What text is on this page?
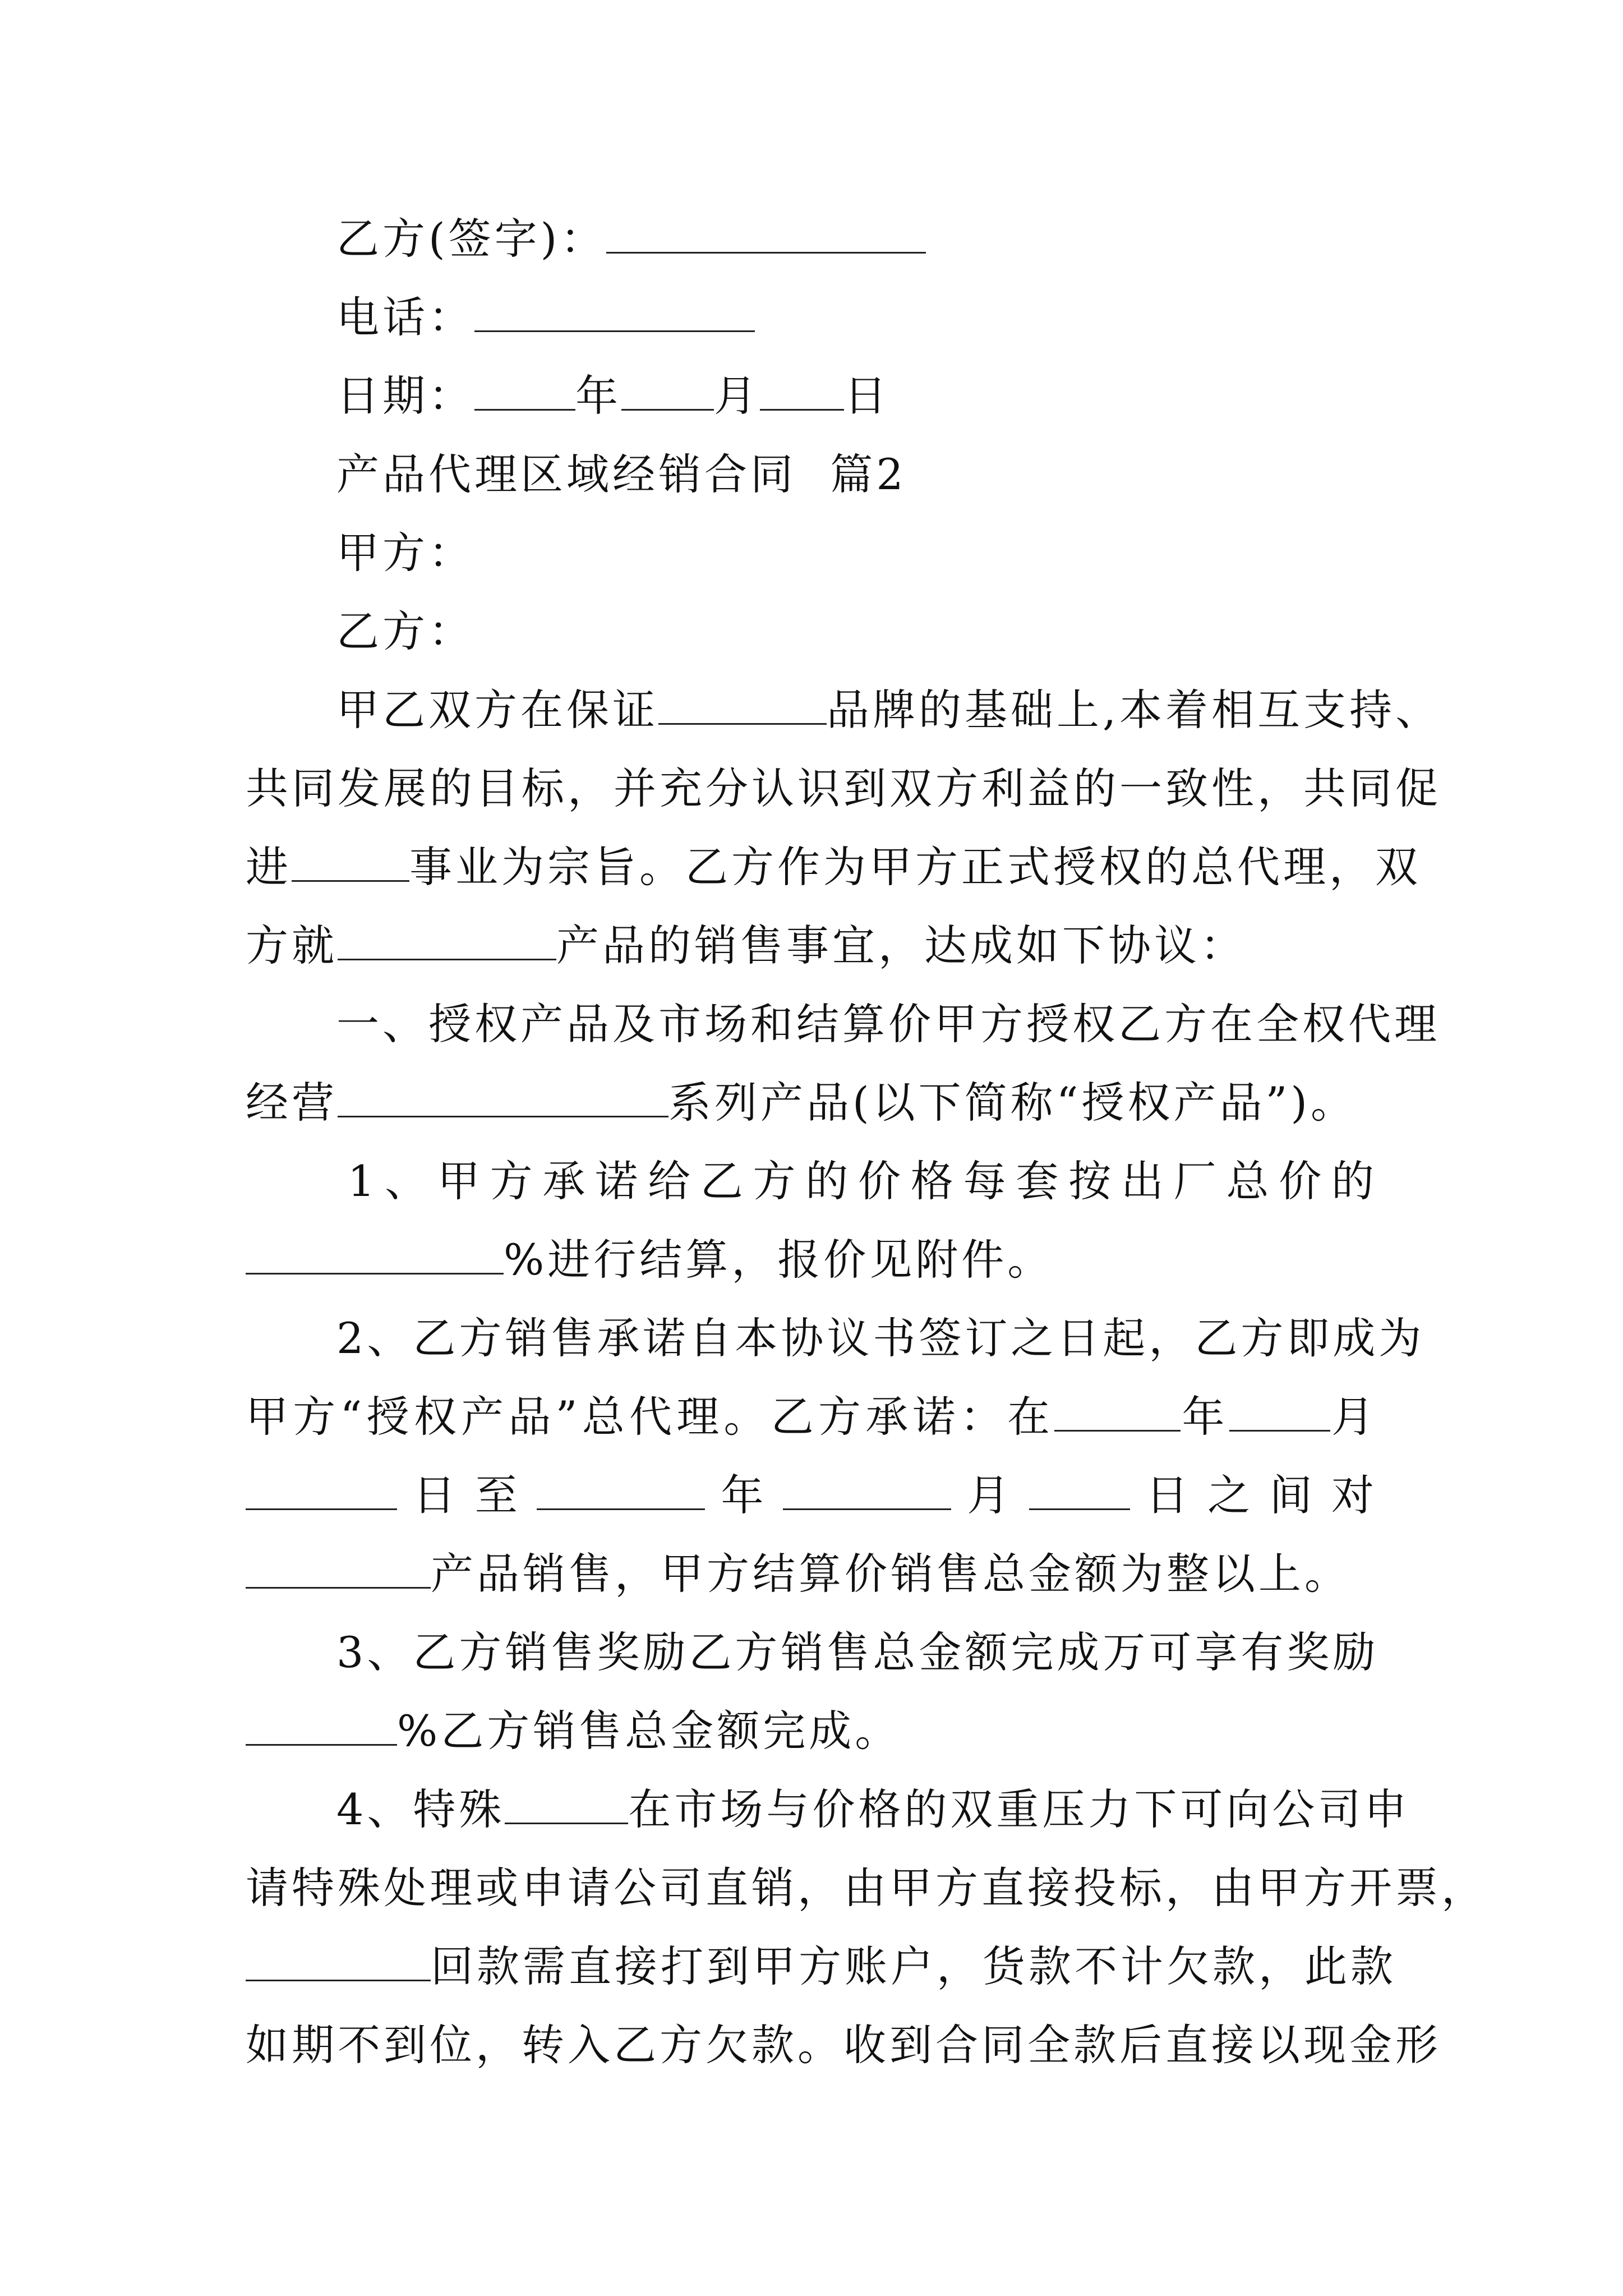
乙方(签字)：
电话：
日期： 年 月 日
产品代理区域经销合同  篇2
甲方：
乙方：
甲乙双方在保证	品牌的基础上,本着相互支持、
共同发展的目标，并充分认识到双方利益的一致性，共同促
进	事业为宗旨。乙方作为甲方正式授权的总代理，双
方就	产品的销售事宜，达成如下协议：
一、授权产品及市场和结算价甲方授权乙方在全权代理
经营	系列产品(以下简称“授权产品”)。
1、甲方承诺给乙方的价格每套按出厂总价的
%进行结算，报价见附件。
2、乙方销售承诺自本协议书签订之日起，乙方即成为
甲方“授权产品”总代理。乙方承诺：在	年 月
日至	年	月 日之间对
产品销售，甲方结算价销售总金额为整以上。
3、乙方销售奖励乙方销售总金额完成万可享有奖励
%乙方销售总金额完成。
4、特殊	在市场与价格的双重压力下可向公司申
请特殊处理或申请公司直销，由甲方直接投标，由甲方开票，
回款需直接打到甲方账户，货款不计欠款，此款
如期不到位，转入乙方欠款。收到合同全款后直接以现金形
